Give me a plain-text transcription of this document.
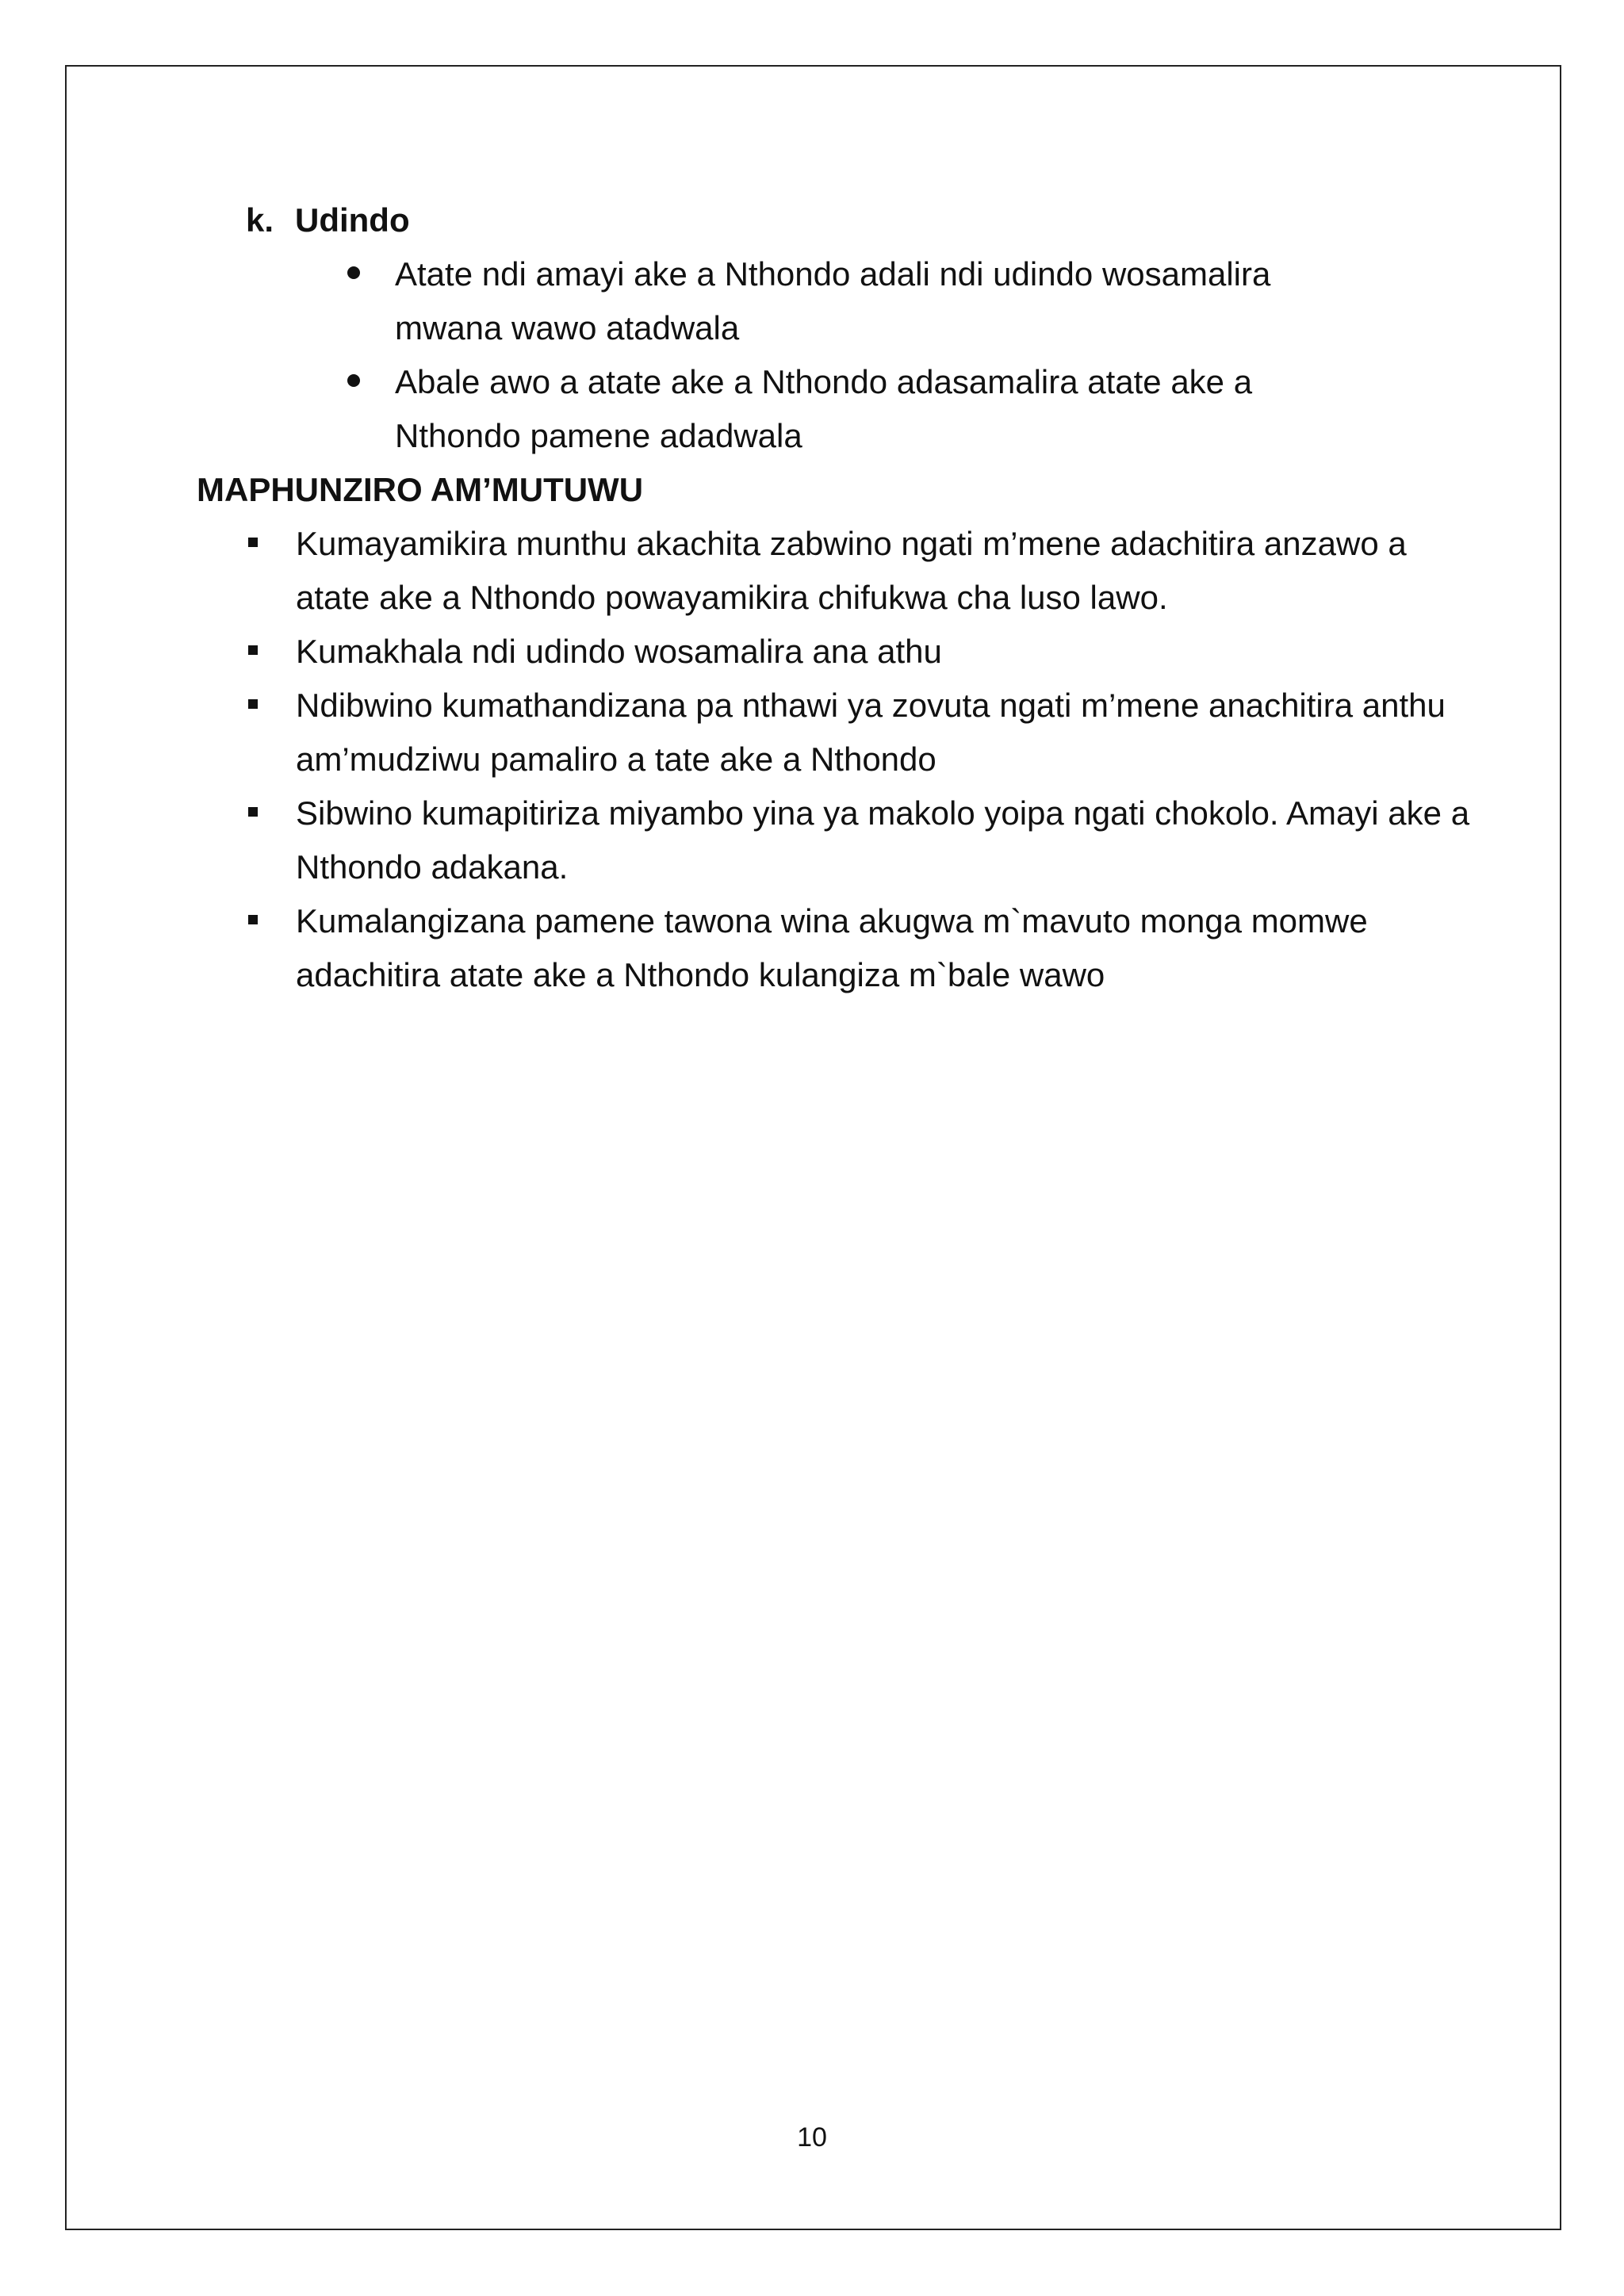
k. Udindo
Atate ndi amayi ake a Nthondo adali ndi udindo wosamalira mwana wawo atadwala
Abale awo a atate ake a Nthondo adasamalira atate ake a Nthondo pamene adadwala
MAPHUNZIRO AM’MUTUWU
Kumayamikira munthu akachita zabwino ngati m’mene adachitira anzawo a atate ake a Nthondo powayamikira chifukwa cha luso lawo.
Kumakhala ndi udindo wosamalira ana athu
Ndibwino kumathandizana pa nthawi ya zovuta ngati m’mene anachitira anthu am’mudziwu pamaliro a tate ake a Nthondo
Sibwino kumapitiriza miyambo yina ya makolo yoipa ngati chokolo. Amayi ake a Nthondo adakana.
Kumalangizana pamene tawona wina akugwa m`mavuto monga momwe adachitira atate ake a Nthondo kulangiza m`bale wawo
10
